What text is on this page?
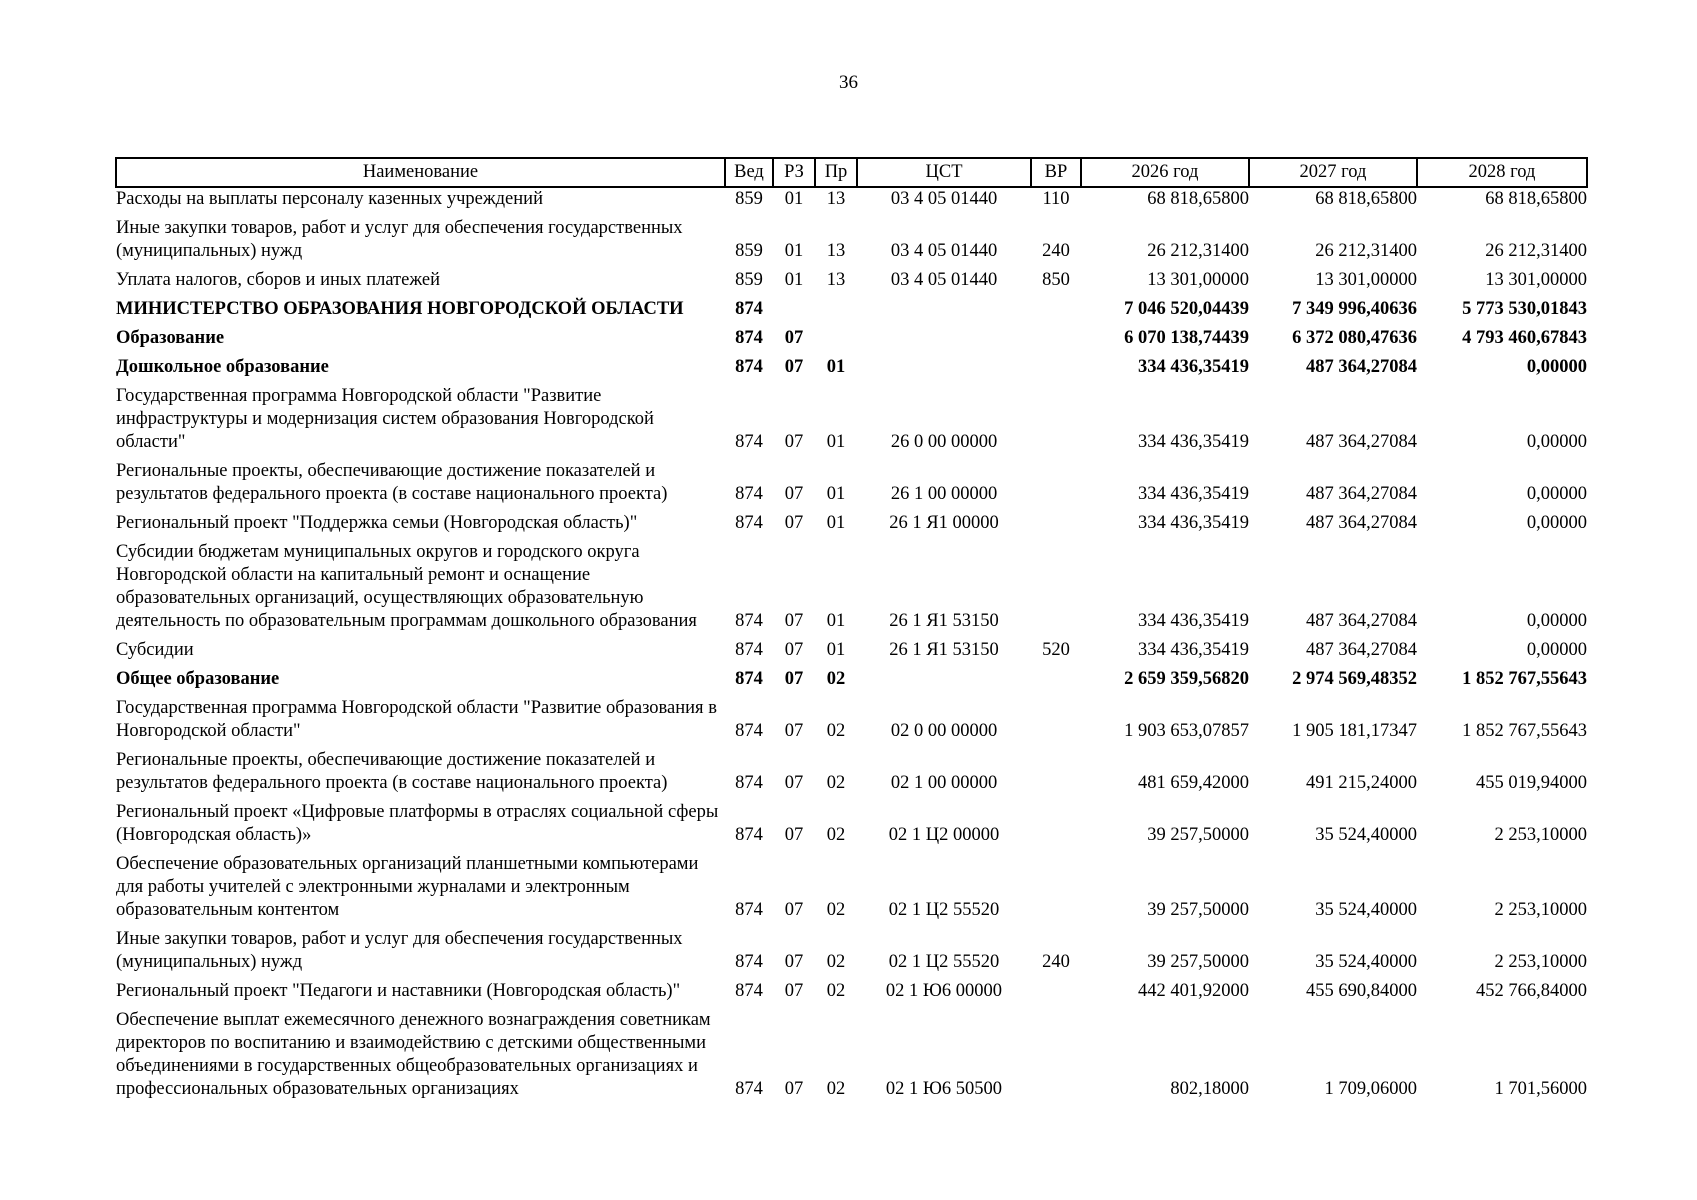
36
Наименование	Вед	РЗ	Пр	ЦСТ	ВР	2026 год	2027 год	2028 год
Расходы на выплаты персоналу казенных учреждений	859	01	13	03 4 05 01440	110	68 818,65800	68 818,65800	68 818,65800
Иные закупки товаров, работ и услуг для обеспечения государственных (муниципальных) нужд	859	01	13	03 4 05 01440	240	26 212,31400	26 212,31400	26 212,31400
Уплата налогов, сборов и иных платежей	859	01	13	03 4 05 01440	850	13 301,00000	13 301,00000	13 301,00000
МИНИСТЕРСТВО ОБРАЗОВАНИЯ НОВГОРОДСКОЙ ОБЛАСТИ	874					7 046 520,04439	7 349 996,40636	5 773 530,01843
Образование	874	07				6 070 138,74439	6 372 080,47636	4 793 460,67843
Дошкольное образование	874	07	01			334 436,35419	487 364,27084	0,00000
Государственная программа Новгородской области "Развитие инфраструктуры и модернизация систем образования Новгородской области"	874	07	01	26 0 00 00000		334 436,35419	487 364,27084	0,00000
Региональные проекты, обеспечивающие достижение показателей и результатов федерального проекта (в составе национального проекта)	874	07	01	26 1 00 00000		334 436,35419	487 364,27084	0,00000
Региональный проект "Поддержка семьи (Новгородская область)"	874	07	01	26 1 Я1 00000		334 436,35419	487 364,27084	0,00000
Субсидии бюджетам муниципальных округов и городского округа Новгородской области на капитальный ремонт и оснащение образовательных организаций, осуществляющих образовательную деятельность по образовательным программам дошкольного образования	874	07	01	26 1 Я1 53150		334 436,35419	487 364,27084	0,00000
Субсидии	874	07	01	26 1 Я1 53150	520	334 436,35419	487 364,27084	0,00000
Общее образование	874	07	02			2 659 359,56820	2 974 569,48352	1 852 767,55643
Государственная программа Новгородской области "Развитие образования в Новгородской области"	874	07	02	02 0 00 00000		1 903 653,07857	1 905 181,17347	1 852 767,55643
Региональные проекты, обеспечивающие достижение показателей и результатов федерального проекта (в составе национального проекта)	874	07	02	02 1 00 00000		481 659,42000	491 215,24000	455 019,94000
Региональный проект «Цифровые платформы в отраслях социальной сферы (Новгородская область)»	874	07	02	02 1 Ц2 00000		39 257,50000	35 524,40000	2 253,10000
Обеспечение образовательных организаций планшетными компьютерами для работы учителей с электронными журналами и электронным образовательным контентом	874	07	02	02 1 Ц2 55520		39 257,50000	35 524,40000	2 253,10000
Иные закупки товаров, работ и услуг для обеспечения государственных (муниципальных) нужд	874	07	02	02 1 Ц2 55520	240	39 257,50000	35 524,40000	2 253,10000
Региональный проект "Педагоги и наставники (Новгородская область)"	874	07	02	02 1 Ю6 00000		442 401,92000	455 690,84000	452 766,84000
Обеспечение выплат ежемесячного денежного вознаграждения советникам директоров по воспитанию и взаимодействию с детскими общественными объединениями в государственных общеобразовательных организациях и профессиональных образовательных организациях	874	07	02	02 1 Ю6 50500		802,18000	1 709,06000	1 701,56000
